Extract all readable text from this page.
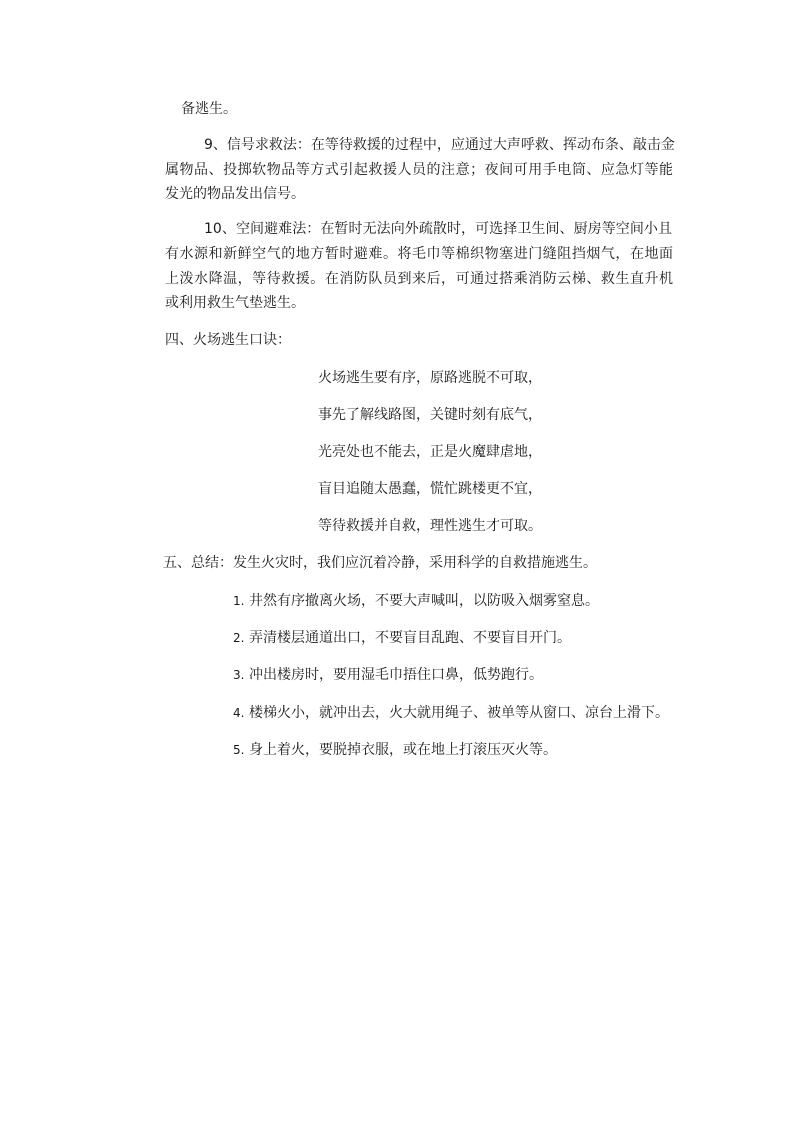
备逃生。
9、信号求救法：在等待救援的过程中，应通过大声呼救、挥动布条、敲击金
属物品、投掷软物品等方式引起救援人员的注意；夜间可用手电筒、应急灯等能
发光的物品发出信号。
10、空间避难法：在暂时无法向外疏散时，可选择卫生间、厨房等空间小且
有水源和新鲜空气的地方暂时避难。将毛巾等棉织物塞进门缝阻挡烟气，在地面
上泼水降温，等待救援。在消防队员到来后，可通过搭乘消防云梯、救生直升机
或利用救生气垫逃生。
四、火场逃生口诀：
火场逃生要有序，原路逃脱不可取，
事先了解线路图，关键时刻有底气，
光亮处也不能去，正是火魔肆虐地，
盲目追随太愚蠢，慌忙跳楼更不宜，
等待救援并自救，理性逃生才可取。
五、总结：发生火灾时，我们应沉着冷静，采用科学的自救措施逃生。
1. 井然有序撤离火场，不要大声喊叫，以防吸入烟雾窒息。
2. 弄清楼层通道出口，不要盲目乱跑、不要盲目开门。
3. 冲出楼房时，要用湿毛巾捂住口鼻，低势跑行。
4. 楼梯火小，就冲出去，火大就用绳子、被单等从窗口、凉台上滑下。
5. 身上着火，要脱掉衣服，或在地上打滚压灭火等。
